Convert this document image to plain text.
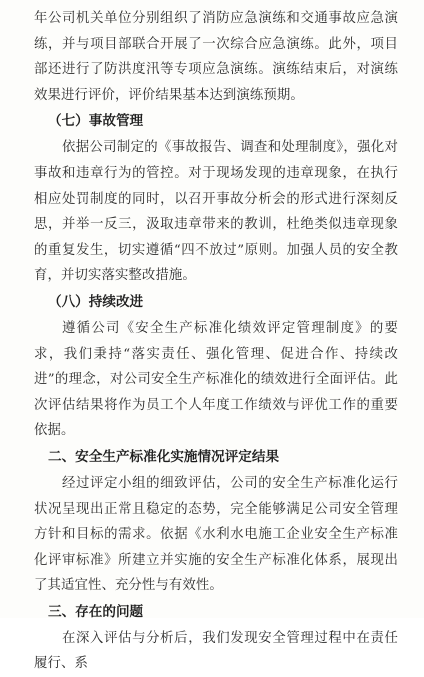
年公司机关单位分别组织了消防应急演练和交通事故应急演练，并与项目部联合开展了一次综合应急演练。此外，项目部还进行了防洪度汛等专项应急演练。演练结束后，对演练效果进行评价，评价结果基本达到演练预期。

（七）事故管理

依据公司制定的《事故报告、调查和处理制度》，强化对事故和违章行为的管控。对于现场发现的违章现象，在执行相应处罚制度的同时，以召开事故分析会的形式进行深刻反思，并举一反三，汲取违章带来的教训，杜绝类似违章现象的重复发生，切实遵循“四不放过”原则。加强人员的安全教育，并切实落实整改措施。

（八）持续改进

遵循公司《安全生产标准化绩效评定管理制度》的要求，我们秉持“落实责任、强化管理、促进合作、持续改进”的理念，对公司安全生产标准化的绩效进行全面评估。此次评估结果将作为员工个人年度工作绩效与评优工作的重要依据。

二、安全生产标准化实施情况评定结果

经过评定小组的细致评估，公司的安全生产标准化运行状况呈现出正常且稳定的态势，完全能够满足公司安全管理方针和目标的需求。依据《水利水电施工企业安全生产标准化评审标准》所建立并实施的安全生产标准化体系，展现出了其适宜性、充分性与有效性。

三、存在的问题

在深入评估与分析后，我们发现安全管理过程中在责任履行、系
